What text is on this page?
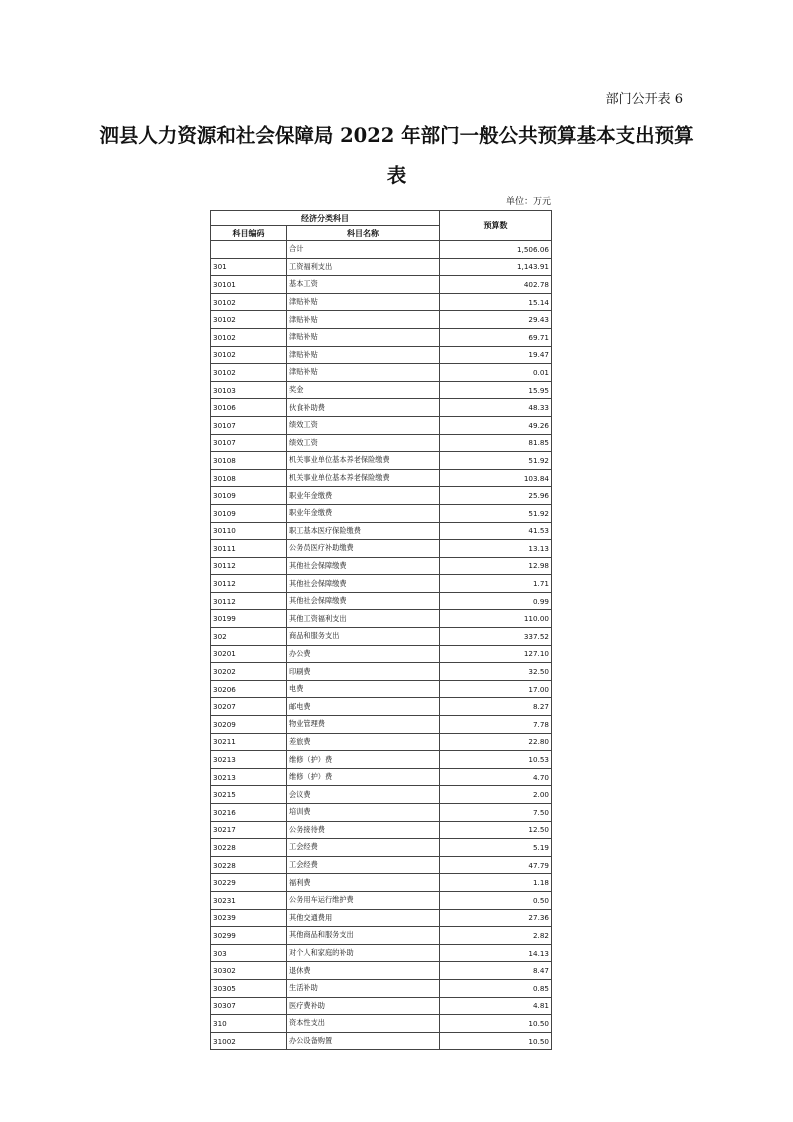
部门公开表 6
泗县人力资源和社会保障局 2022 年部门一般公共预算基本支出预算
表
单位：万元
经济分类科目		预算数
科目编码	科目名称	
	合计	1,506.06
301	工资福利支出	1,143.91
30101	基本工资	402.78
30102	津贴补贴	15.14
30102	津贴补贴	29.43
30102	津贴补贴	69.71
30102	津贴补贴	19.47
30102	津贴补贴	0.01
30103	奖金	15.95
30106	伙食补助费	48.33
30107	绩效工资	49.26
30107	绩效工资	81.85
30108	机关事业单位基本养老保险缴费	51.92
30108	机关事业单位基本养老保险缴费	103.84
30109	职业年金缴费	25.96
30109	职业年金缴费	51.92
30110	职工基本医疗保险缴费	41.53
30111	公务员医疗补助缴费	13.13
30112	其他社会保障缴费	12.98
30112	其他社会保障缴费	1.71
30112	其他社会保障缴费	0.99
30199	其他工资福利支出	110.00
302	商品和服务支出	337.52
30201	办公费	127.10
30202	印刷费	32.50
30206	电费	17.00
30207	邮电费	8.27
30209	物业管理费	7.78
30211	差旅费	22.80
30213	维修（护）费	10.53
30213	维修（护）费	4.70
30215	会议费	2.00
30216	培训费	7.50
30217	公务接待费	12.50
30228	工会经费	5.19
30228	工会经费	47.79
30229	福利费	1.18
30231	公务用车运行维护费	0.50
30239	其他交通费用	27.36
30299	其他商品和服务支出	2.82
303	对个人和家庭的补助	14.13
30302	退休费	8.47
30305	生活补助	0.85
30307	医疗费补助	4.81
310	资本性支出	10.50
31002	办公设备购置	10.50
